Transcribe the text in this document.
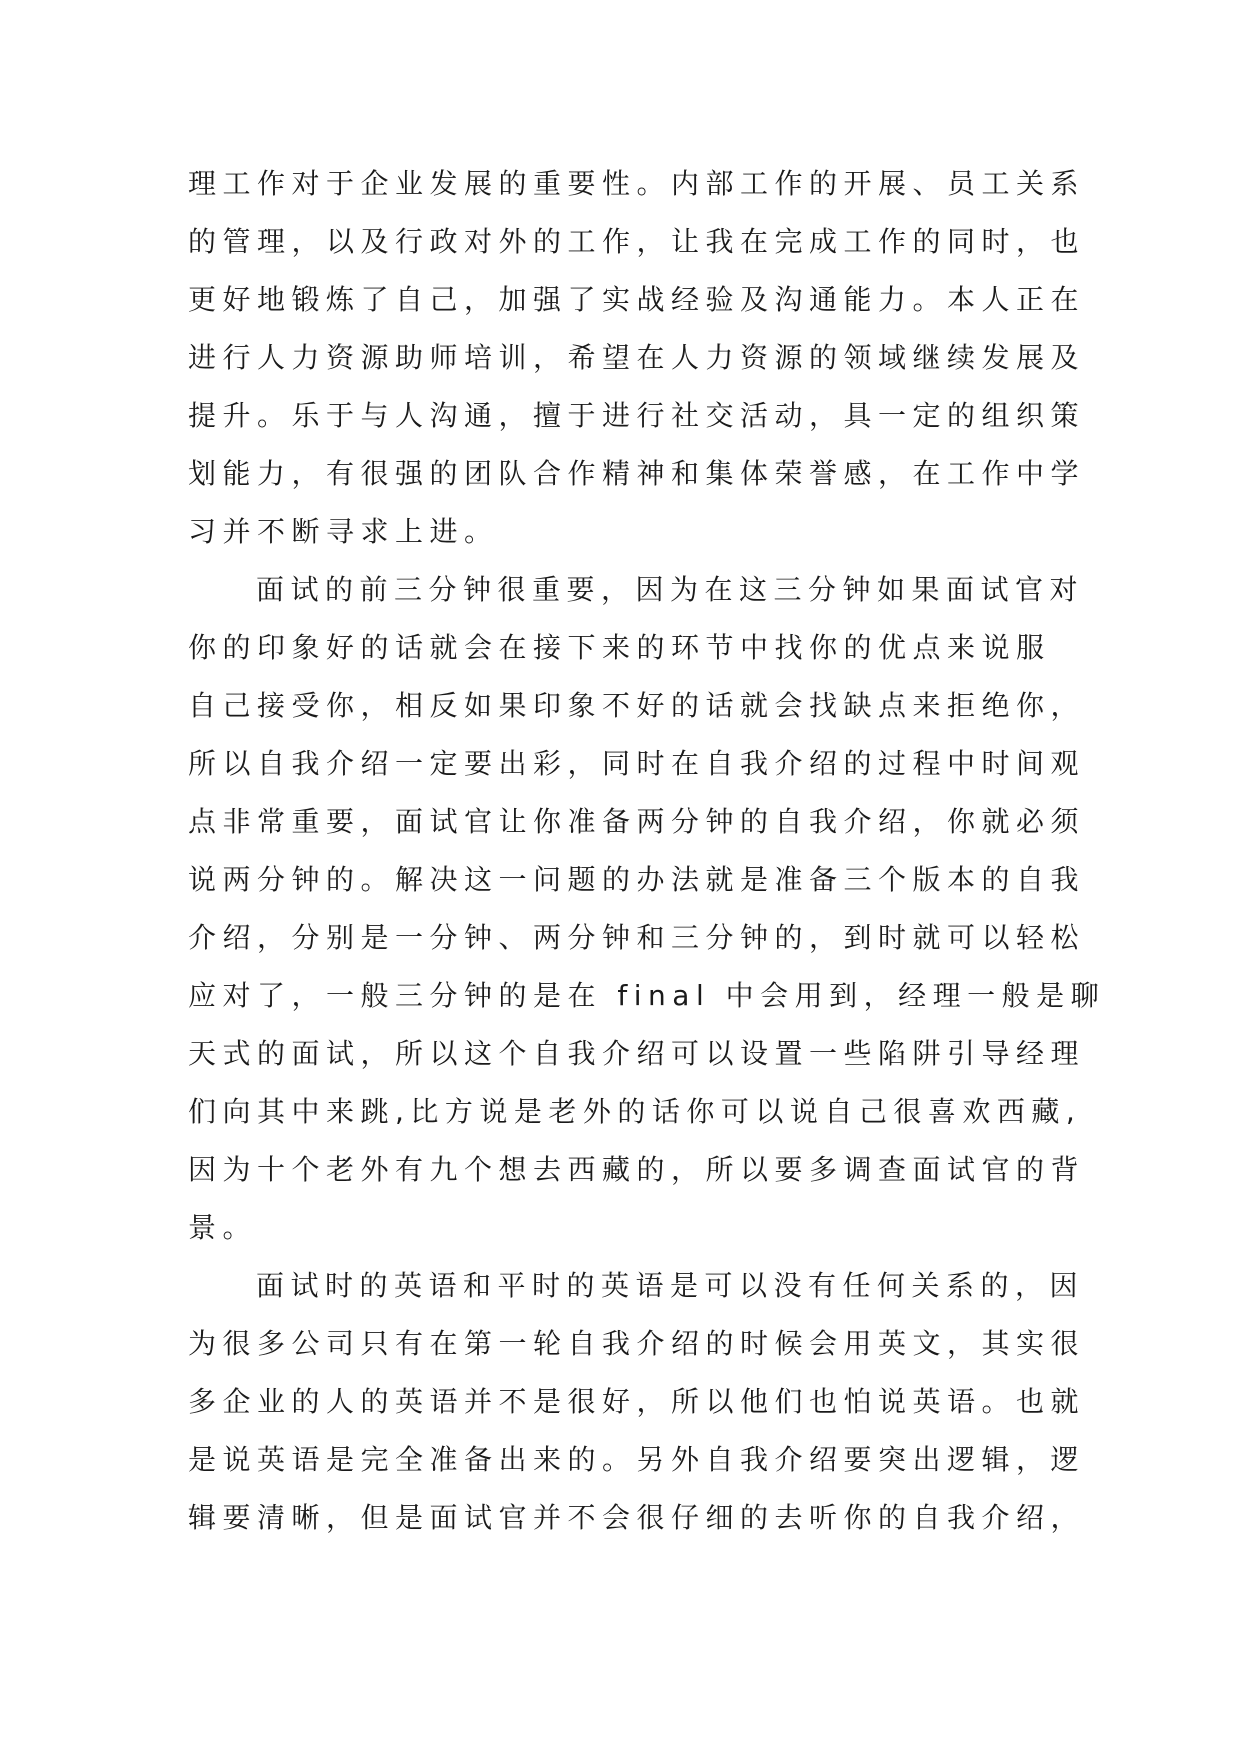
理工作对于企业发展的重要性。内部工作的开展、员工关系
的管理，以及行政对外的工作，让我在完成工作的同时，也
更好地锻炼了自己，加强了实战经验及沟通能力。本人正在
进行人力资源助师培训，希望在人力资源的领域继续发展及
提升。乐于与人沟通，擅于进行社交活动，具一定的组织策
划能力，有很强的团队合作精神和集体荣誉感，在工作中学
习并不断寻求上进。
面试的前三分钟很重要，因为在这三分钟如果面试官对
你的印象好的话就会在接下来的环节中找你的优点来说服
自己接受你，相反如果印象不好的话就会找缺点来拒绝你，
所以自我介绍一定要出彩，同时在自我介绍的过程中时间观
点非常重要，面试官让你准备两分钟的自我介绍，你就必须
说两分钟的。解决这一问题的办法就是准备三个版本的自我
介绍，分别是一分钟、两分钟和三分钟的，到时就可以轻松
应对了，一般三分钟的是在 final 中会用到，经理一般是聊
天式的面试，所以这个自我介绍可以设置一些陷阱引导经理
们向其中来跳,比方说是老外的话你可以说自己很喜欢西藏,
因为十个老外有九个想去西藏的，所以要多调查面试官的背
景。
面试时的英语和平时的英语是可以没有任何关系的，因
为很多公司只有在第一轮自我介绍的时候会用英文，其实很
多企业的人的英语并不是很好，所以他们也怕说英语。也就
是说英语是完全准备出来的。另外自我介绍要突出逻辑，逻
辑要清晰，但是面试官并不会很仔细的去听你的自我介绍，
